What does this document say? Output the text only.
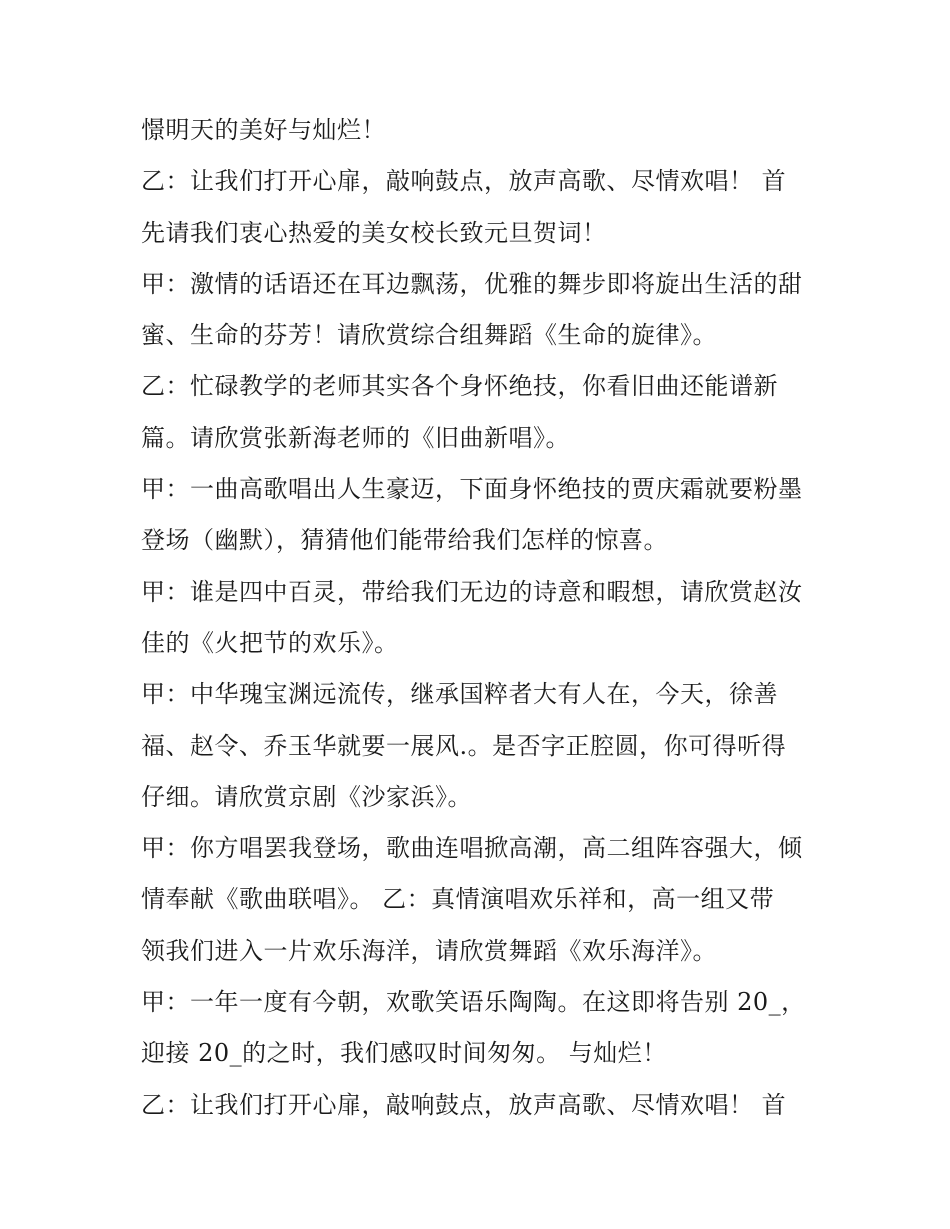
憬明天的美好与灿烂！
乙：让我们打开心扉，敲响鼓点，放声高歌、尽情欢唱！ 首
先请我们衷心热爱的美女校长致元旦贺词！
甲：激情的话语还在耳边飘荡，优雅的舞步即将旋出生活的甜
蜜、生命的芬芳！请欣赏综合组舞蹈《生命的旋律》。
乙：忙碌教学的老师其实各个身怀绝技，你看旧曲还能谱新
篇。请欣赏张新海老师的《旧曲新唱》。
甲：一曲高歌唱出人生豪迈，下面身怀绝技的贾庆霜就要粉墨
登场（幽默），猜猜他们能带给我们怎样的惊喜。
甲：谁是四中百灵，带给我们无边的诗意和暇想，请欣赏赵汝
佳的《火把节的欢乐》。
甲：中华瑰宝渊远流传，继承国粹者大有人在，今天，徐善
福、赵令、乔玉华就要一展风.。是否字正腔圆，你可得听得
仔细。请欣赏京剧《沙家浜》。
甲：你方唱罢我登场，歌曲连唱掀高潮，高二组阵容强大，倾
情奉献《歌曲联唱》。 乙：真情演唱欢乐祥和，高一组又带
领我们进入一片欢乐海洋，请欣赏舞蹈《欢乐海洋》。
甲：一年一度有今朝，欢歌笑语乐陶陶。在这即将告别 20_，
迎接 20_的之时，我们感叹时间匆匆。 与灿烂！
乙：让我们打开心扉，敲响鼓点，放声高歌、尽情欢唱！ 首
